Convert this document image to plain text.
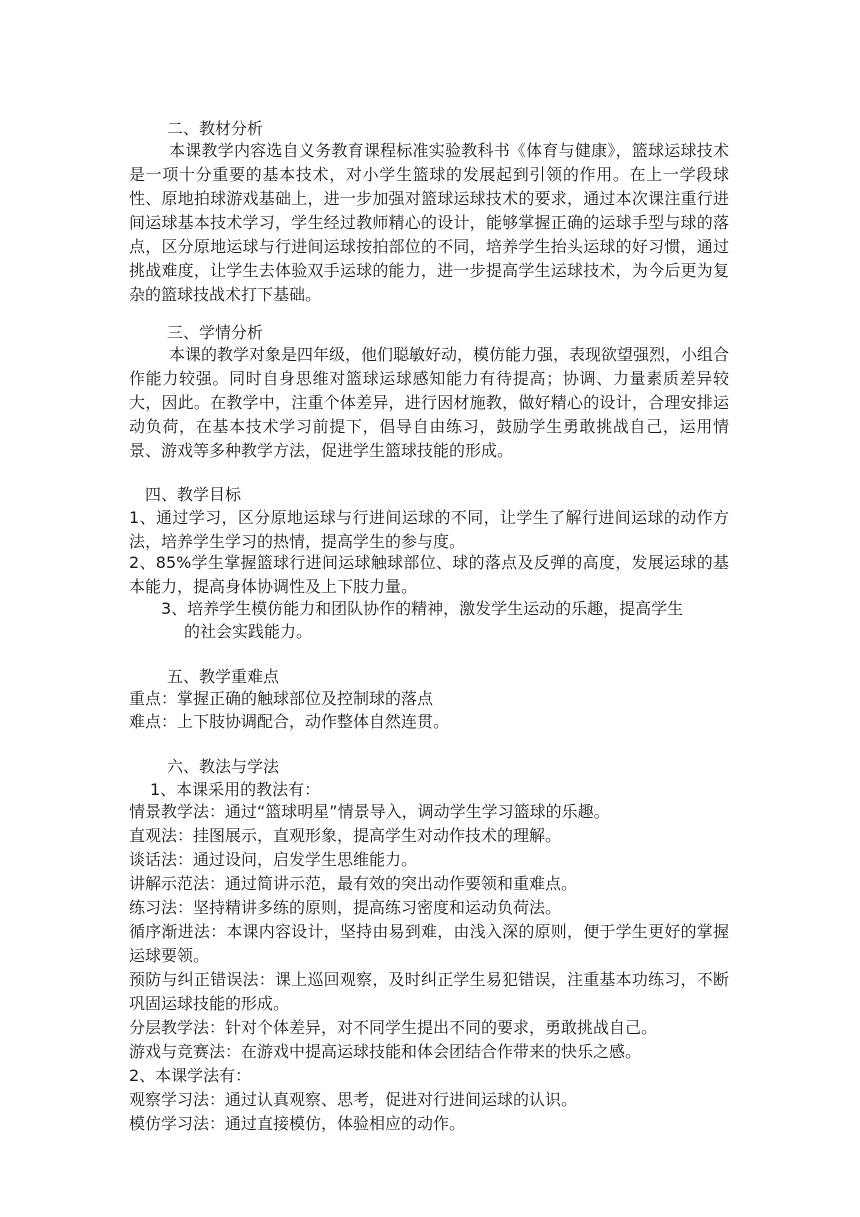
二、教材分析
本课教学内容选自义务教育课程标准实验教科书《体育与健康》，篮球运球技术是一项十分重要的基本技术，对小学生篮球的发展起到引领的作用。在上一学段球性、原地拍球游戏基础上，进一步加强对篮球运球技术的要求，通过本次课注重行进间运球基本技术学习，学生经过教师精心的设计，能够掌握正确的运球手型与球的落点，区分原地运球与行进间运球按拍部位的不同，培养学生抬头运球的好习惯，通过挑战难度，让学生去体验双手运球的能力，进一步提高学生运球技术，为今后更为复杂的篮球技战术打下基础。
三、学情分析
本课的教学对象是四年级，他们聪敏好动，模仿能力强，表现欲望强烈，小组合作能力较强。同时自身思维对篮球运球感知能力有待提高；协调、力量素质差异较大，因此。在教学中，注重个体差异，进行因材施教，做好精心的设计，合理安排运动负荷，在基本技术学习前提下，倡导自由练习，鼓励学生勇敢挑战自己，运用情景、游戏等多种教学方法，促进学生篮球技能的形成。
四、教学目标
1、通过学习，区分原地运球与行进间运球的不同，让学生了解行进间运球的动作方法，培养学生学习的热情，提高学生的参与度。
2、85%学生掌握篮球行进间运球触球部位、球的落点及反弹的高度，发展运球的基本能力，提高身体协调性及上下肢力量。
3、培养学生模仿能力和团队协作的精神，激发学生运动的乐趣，提高学生
的社会实践能力。
五、教学重难点
重点：掌握正确的触球部位及控制球的落点
难点：上下肢协调配合，动作整体自然连贯。
六、教法与学法
1、本课采用的教法有：

情景教学法：通过“篮球明星”情景导入，调动学生学习篮球的乐趣。

直观法：挂图展示，直观形象，提高学生对动作技术的理解。

谈话法：通过设问，启发学生思维能力。

讲解示范法：通过简讲示范，最有效的突出动作要领和重难点。

练习法：坚持精讲多练的原则，提高练习密度和运动负荷法。

循序渐进法：本课内容设计，坚持由易到难，由浅入深的原则，便于学生更好的掌握运球要领。

预防与纠正错误法：课上巡回观察，及时纠正学生易犯错误，注重基本功练习，不断巩固运球技能的形成。

分层教学法：针对个体差异，对不同学生提出不同的要求，勇敢挑战自己。

游戏与竞赛法：在游戏中提高运球技能和体会团结合作带来的快乐之感。

2、本课学法有：

观察学习法：通过认真观察、思考，促进对行进间运球的认识。

模仿学习法：通过直接模仿，体验相应的动作。
